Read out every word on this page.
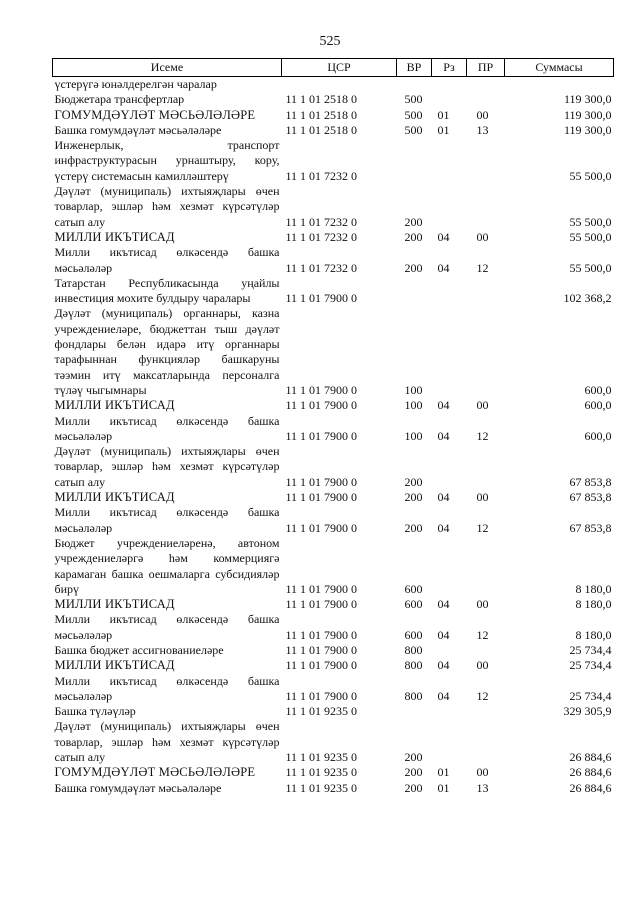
525
Исеме	ЦСР	ВР	Рз	ПР	Суммасы
үстерүгә юнәлдерелгән чаралар					
Бюджетара трансфертлар	11 1 01 2518 0	500			119 300,0
ГОМУМДӘҮЛӘТ МӘСЬӘЛӘЛӘРЕ	11 1 01 2518 0	500	01	00	119 300,0
Башка гомумдәүләт мәсьәләләре	11 1 01 2518 0	500	01	13	119 300,0
Инженерлык, транспорт инфраструктурасын урнаштыру, кору, үстерү системасын камилләштерү	11 1 01 7232 0				55 500,0
Дәүләт (муниципаль) ихтыяҗлары өчен товарлар, эшләр һәм хезмәт күрсәтүләр сатып алу	11 1 01 7232 0	200			55 500,0
МИЛЛИ ИКЪТИСАД	11 1 01 7232 0	200	04	00	55 500,0
Милли икътисад өлкәсендә башка мәсьәләләр	11 1 01 7232 0	200	04	12	55 500,0
Татарстан Республикасында уңайлы инвестиция мохите булдыру чаралары	11 1 01 7900 0				102 368,2
Дәүләт (муниципаль) органнары, казна учреждениеләре, бюджеттан тыш дәүләт фондлары белән идарә итү органнары тарафыннан функцияләр башкаруны тәэмин итү максатларында персоналга түләү чыгымнары	11 1 01 7900 0	100			600,0
МИЛЛИ ИКЪТИСАД	11 1 01 7900 0	100	04	00	600,0
Милли икътисад өлкәсендә башка мәсьәләләр	11 1 01 7900 0	100	04	12	600,0
Дәүләт (муниципаль) ихтыяҗлары өчен товарлар, эшләр һәм хезмәт күрсәтүләр сатып алу	11 1 01 7900 0	200			67 853,8
МИЛЛИ ИКЪТИСАД	11 1 01 7900 0	200	04	00	67 853,8
Милли икътисад өлкәсендә башка мәсьәләләр	11 1 01 7900 0	200	04	12	67 853,8
Бюджет учреждениеләренә, автоном учреждениеләргә һәм коммерциягә карамаган башка оешмаларга субсидияләр бирү	11 1 01 7900 0	600			8 180,0
МИЛЛИ ИКЪТИСАД	11 1 01 7900 0	600	04	00	8 180,0
Милли икътисад өлкәсендә башка мәсьәләләр	11 1 01 7900 0	600	04	12	8 180,0
Башка бюджет ассигнованиеләре	11 1 01 7900 0	800			25 734,4
МИЛЛИ ИКЪТИСАД	11 1 01 7900 0	800	04	00	25 734,4
Милли икътисад өлкәсендә башка мәсьәләләр	11 1 01 7900 0	800	04	12	25 734,4
Башка түләүләр	11 1 01 9235 0				329 305,9
Дәүләт (муниципаль) ихтыяҗлары өчен товарлар, эшләр һәм хезмәт күрсәтүләр сатып алу	11 1 01 9235 0	200			26 884,6
ГОМУМДӘҮЛӘТ МӘСЬӘЛӘЛӘРЕ	11 1 01 9235 0	200	01	00	26 884,6
Башка гомумдәүләт мәсьәләләре	11 1 01 9235 0	200	01	13	26 884,6
